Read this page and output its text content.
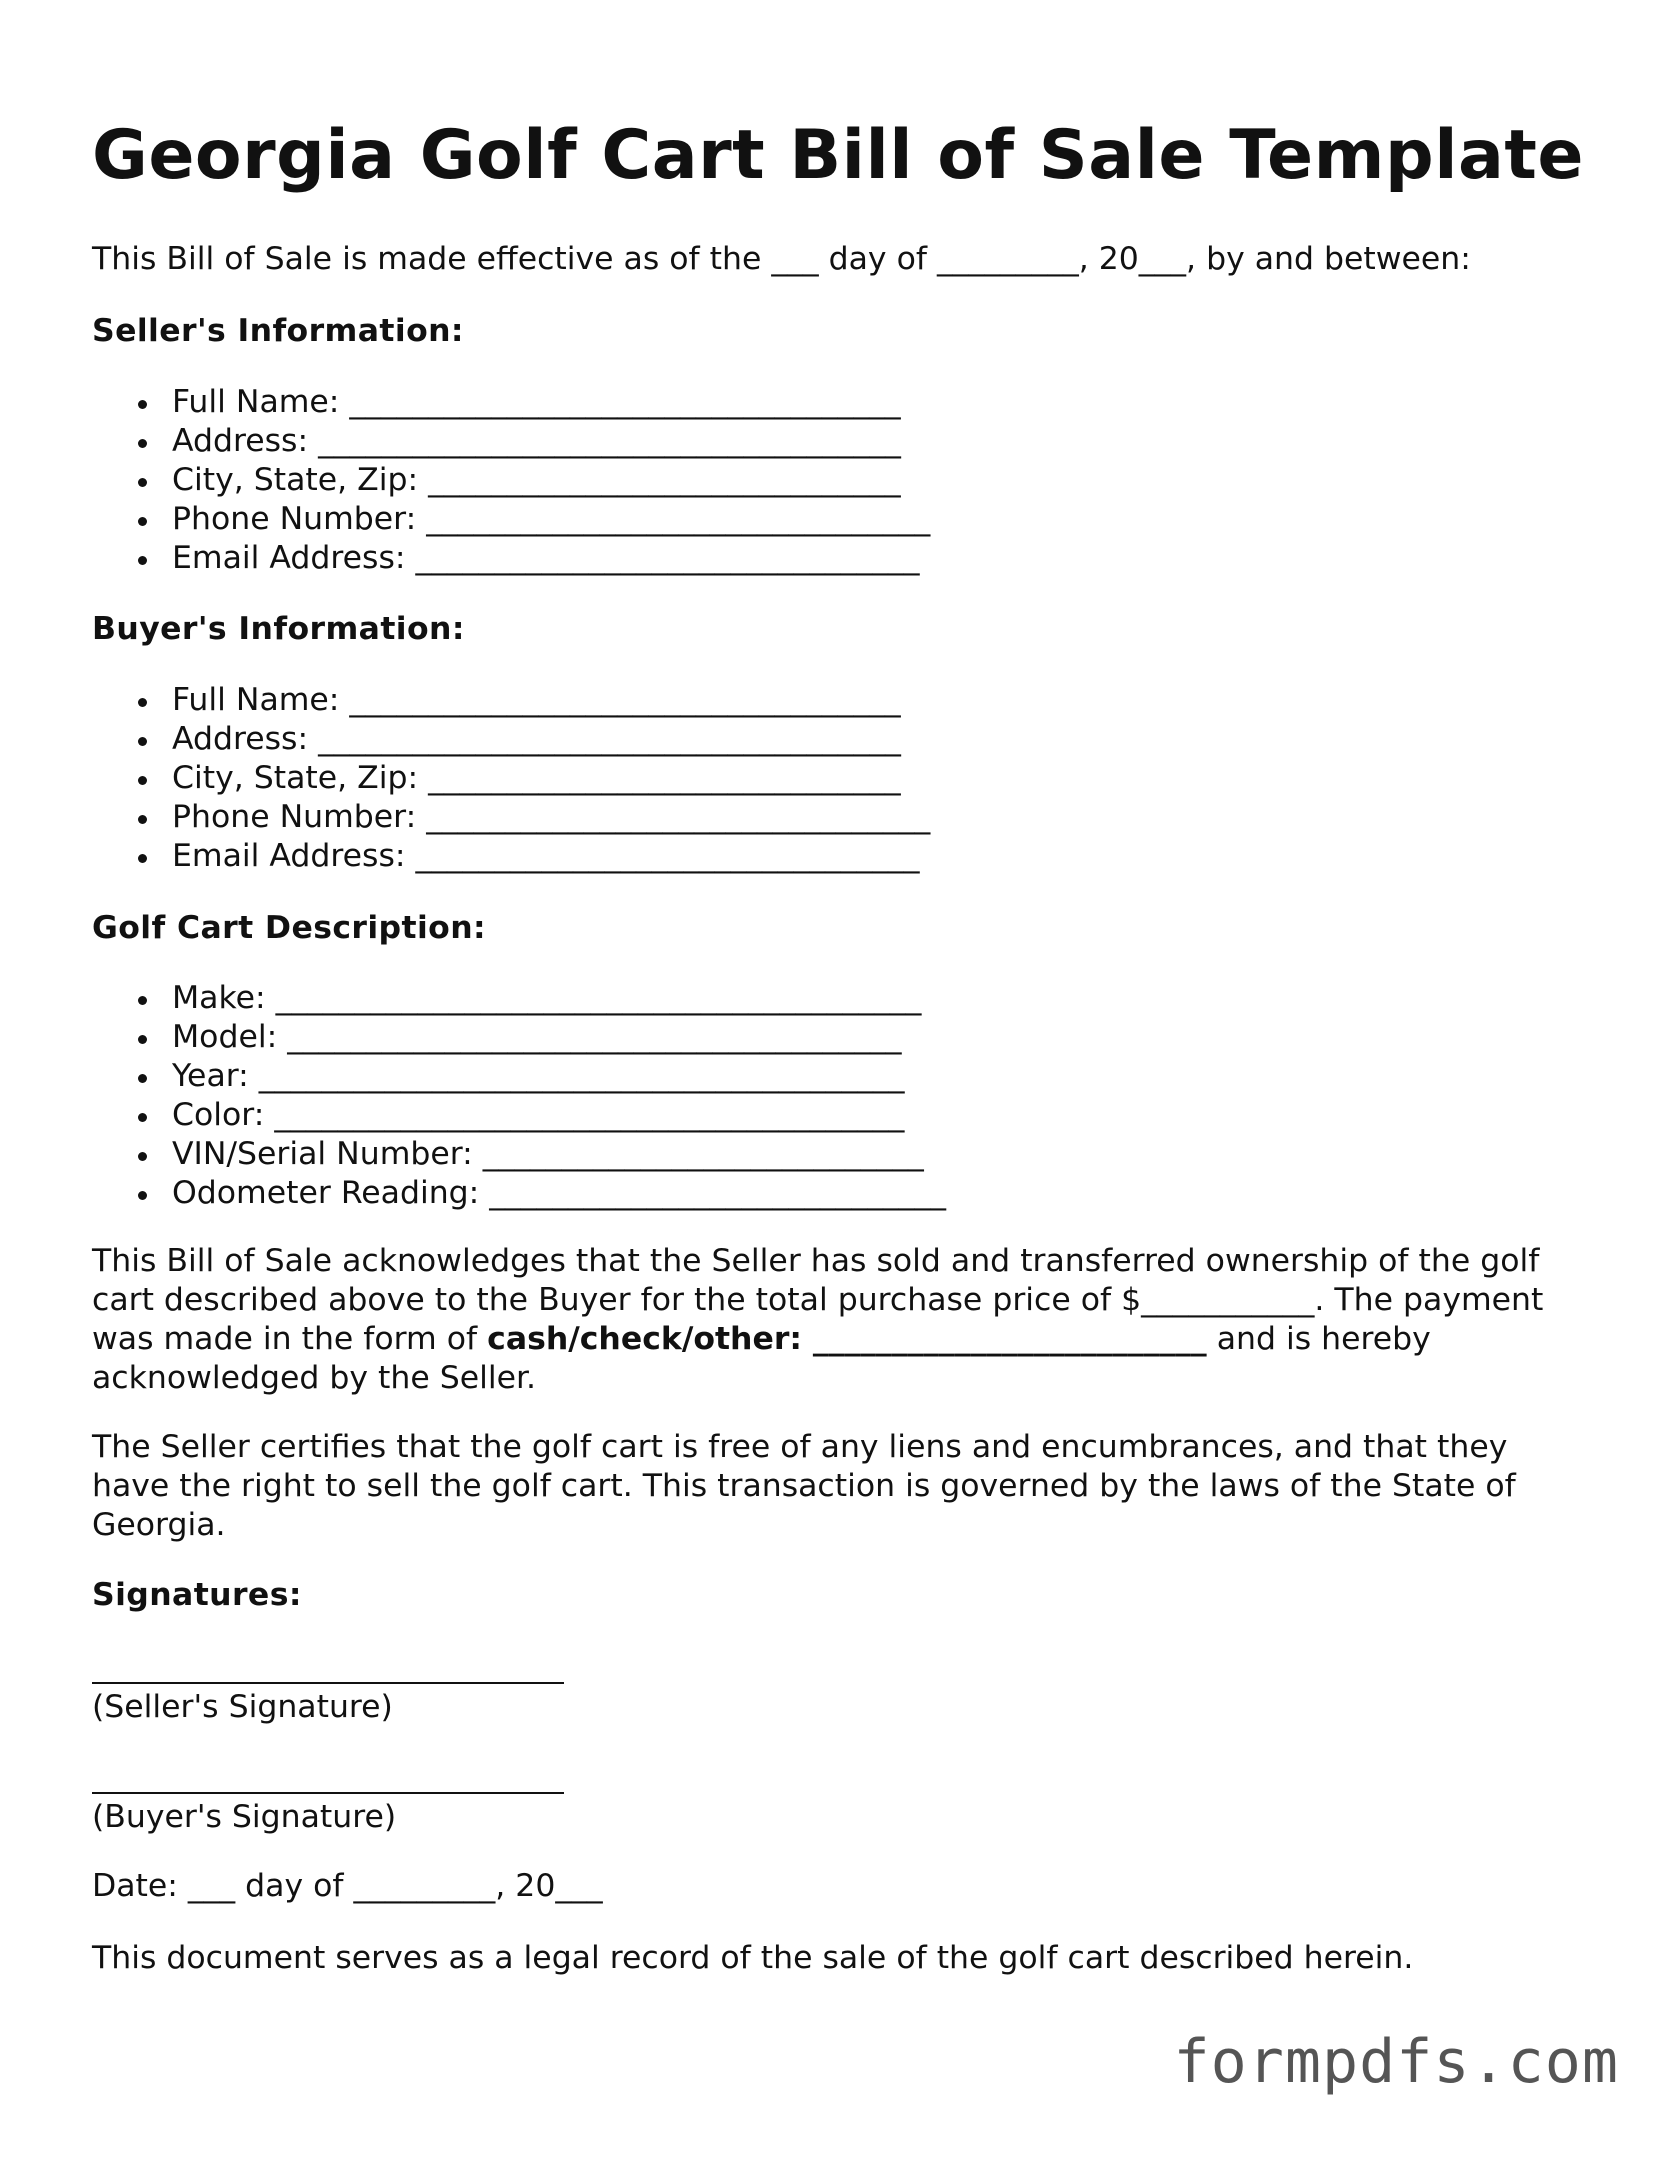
Georgia Golf Cart Bill of Sale Template

This Bill of Sale is made effective as of the ___ day of _________, 20___, by and between:

Seller's Information:

Full Name: ___________________________________
Address: _____________________________________
City, State, Zip: ______________________________
Phone Number: ________________________________
Email Address: ________________________________

Buyer's Information:

Full Name: ___________________________________
Address: _____________________________________
City, State, Zip: ______________________________
Phone Number: ________________________________
Email Address: ________________________________

Golf Cart Description:

Make: _________________________________________
Model: _______________________________________
Year: _________________________________________
Color: ________________________________________
VIN/Serial Number: ____________________________
Odometer Reading: _____________________________

This Bill of Sale acknowledges that the Seller has sold and transferred ownership of the golf cart described above to the Buyer for the total purchase price of $___________. The payment was made in the form of cash/check/other: _________________________ and is hereby acknowledged by the Seller.

The Seller certifies that the golf cart is free of any liens and encumbrances, and that they have the right to sell the golf cart. This transaction is governed by the laws of the State of Georgia.

Signatures:

(Seller's Signature)

(Buyer's Signature)

Date: ___ day of _________, 20___

This document serves as a legal record of the sale of the golf cart described herein.

formpdfs.com
